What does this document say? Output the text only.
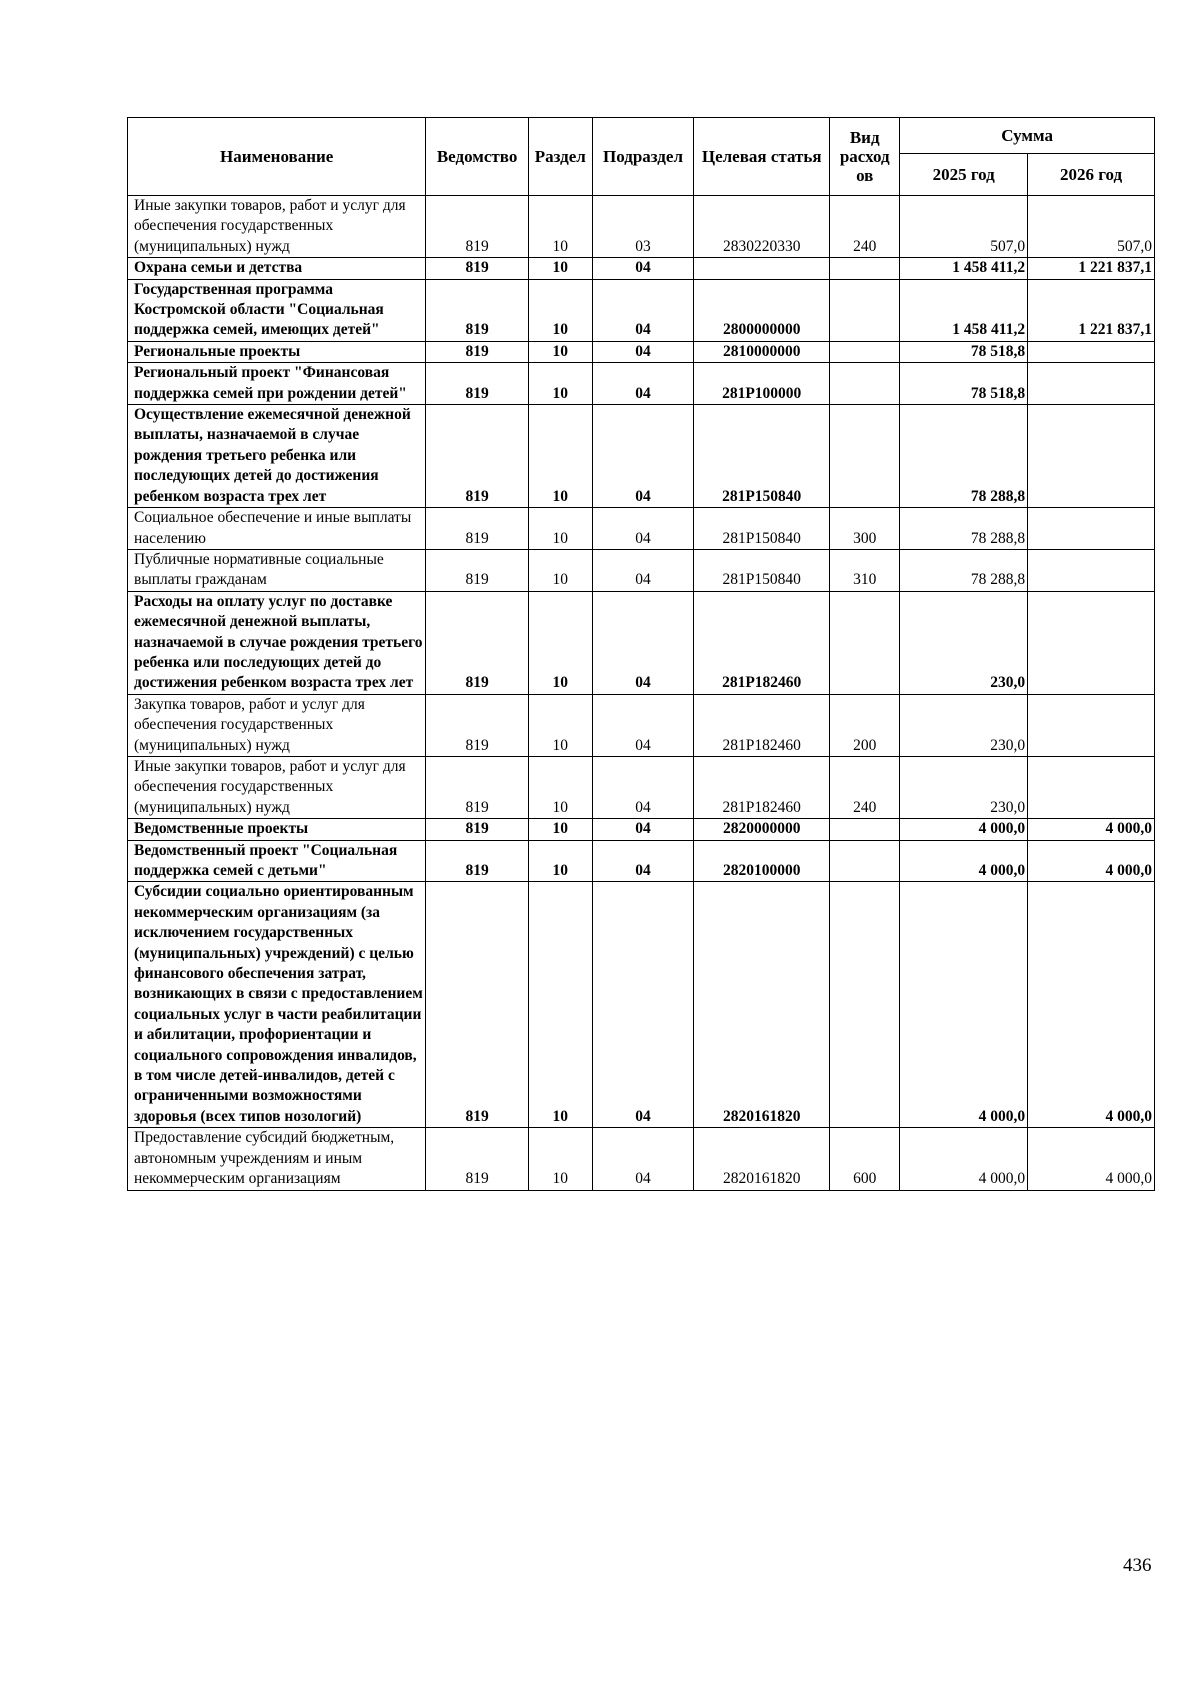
Наименование	Ведомство	Раздел	Подраздел	Целевая статья	Вид расход ов	Сумма	
						2025 год	2026 год
Иные закупки товаров, работ и услуг для обеспечения государственных (муниципальных) нужд	819	10	03	2830220330	240	507,0	507,0
Охрана семьи и детства	819	10	04			1 458 411,2	1 221 837,1
Государственная программа Костромской области "Социальная поддержка семей, имеющих детей"	819	10	04	2800000000		1 458 411,2	1 221 837,1
Региональные проекты	819	10	04	2810000000		78 518,8	
Региональный проект "Финансовая поддержка семей при рождении детей"	819	10	04	281Р100000		78 518,8	
Осуществление ежемесячной денежной выплаты, назначаемой в случае рождения третьего ребенка или последующих детей до достижения ребенком возраста трех лет	819	10	04	281Р150840		78 288,8	
Социальное обеспечение и иные выплаты населению	819	10	04	281Р150840	300	78 288,8	
Публичные нормативные социальные выплаты гражданам	819	10	04	281Р150840	310	78 288,8	
Расходы на оплату услуг по доставке ежемесячной денежной выплаты, назначаемой в случае рождения третьего ребенка или последующих детей до достижения ребенком возраста трех лет	819	10	04	281Р182460		230,0	
Закупка товаров, работ и услуг для обеспечения государственных (муниципальных) нужд	819	10	04	281Р182460	200	230,0	
Иные закупки товаров, работ и услуг для обеспечения государственных (муниципальных) нужд	819	10	04	281Р182460	240	230,0	
Ведомственные проекты	819	10	04	2820000000		4 000,0	4 000,0
Ведомственный проект "Социальная поддержка семей с детьми"	819	10	04	2820100000		4 000,0	4 000,0
Субсидии социально ориентированным некоммерческим организациям (за исключением государственных (муниципальных) учреждений) с целью финансового обеспечения затрат, возникающих в связи с предоставлением социальных услуг в части реабилитации и абилитации, профориентации и социального сопровождения инвалидов, в том числе детей-инвалидов, детей с ограниченными возможностями здоровья (всех типов нозологий)	819	10	04	2820161820		4 000,0	4 000,0
Предоставление субсидий бюджетным, автономным учреждениям и иным некоммерческим организациям	819	10	04	2820161820	600	4 000,0	4 000,0
436
